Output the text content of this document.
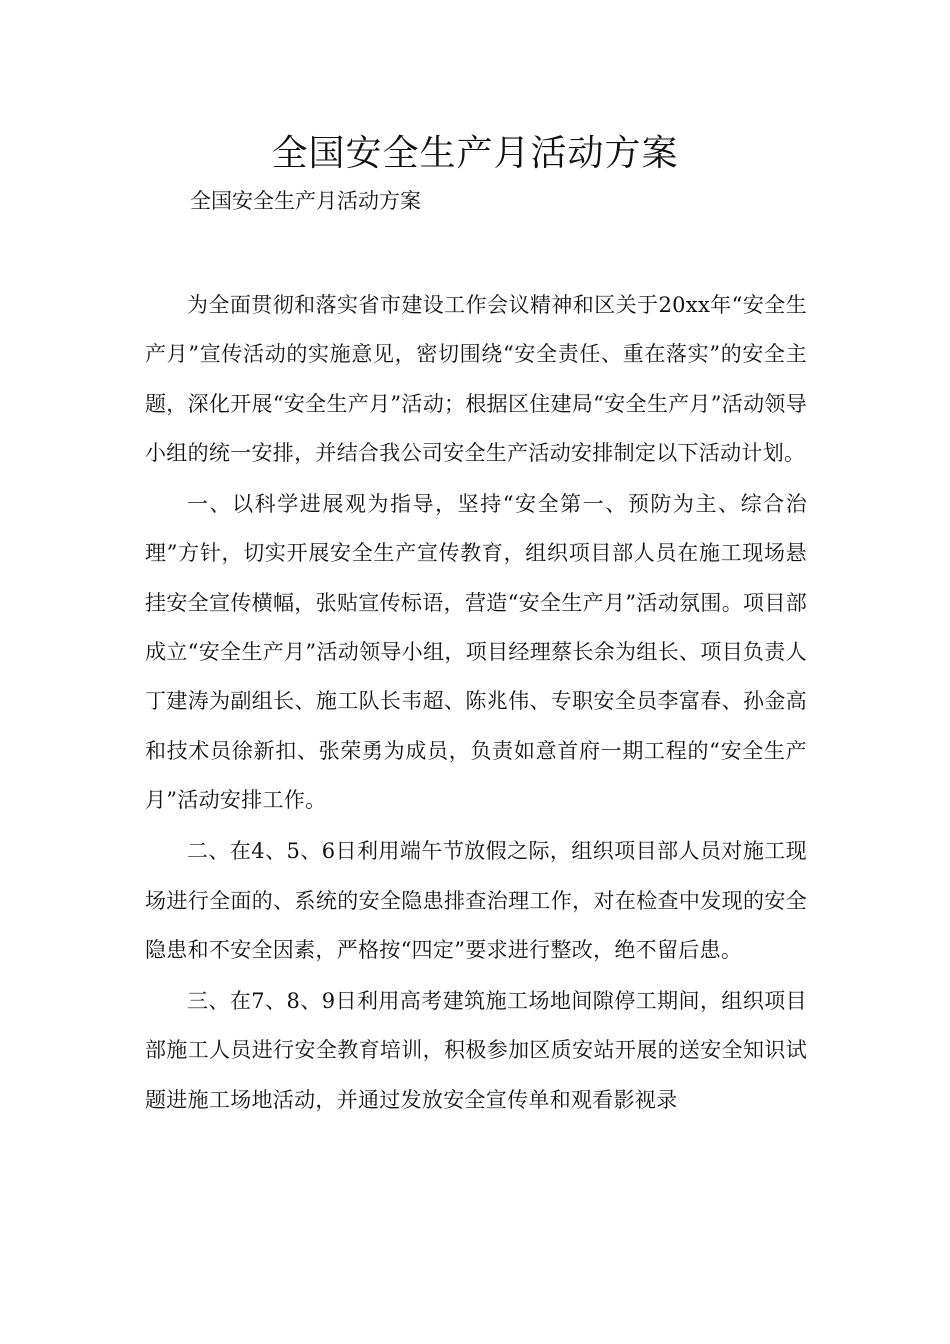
全国安全生产月活动方案

全国安全生产月活动方案

为全面贯彻和落实省市建设工作会议精神和区关于20xx年“安全生产月”宣传活动的实施意见，密切围绕“安全责任、重在落实”的安全主题，深化开展“安全生产月”活动；根据区住建局“安全生产月”活动领导小组的统一安排，并结合我公司安全生产活动安排制定以下活动计划。

一、以科学进展观为指导，坚持“安全第一、预防为主、综合治理”方针，切实开展安全生产宣传教育，组织项目部人员在施工现场悬挂安全宣传横幅，张贴宣传标语，营造“安全生产月”活动氛围。项目部成立“安全生产月”活动领导小组，项目经理蔡长余为组长、项目负责人丁建涛为副组长、施工队长韦超、陈兆伟、专职安全员李富春、孙金高和技术员徐新扣、张荣勇为成员，负责如意首府一期工程的“安全生产月”活动安排工作。

二、在4、5、6日利用端午节放假之际，组织项目部人员对施工现场进行全面的、系统的安全隐患排查治理工作，对在检查中发现的安全隐患和不安全因素，严格按“四定”要求进行整改，绝不留后患。

三、在7、8、9日利用高考建筑施工场地间隙停工期间，组织项目部施工人员进行安全教育培训，积极参加区质安站开展的送安全知识试题进施工场地活动，并通过发放安全宣传单和观看影视录
